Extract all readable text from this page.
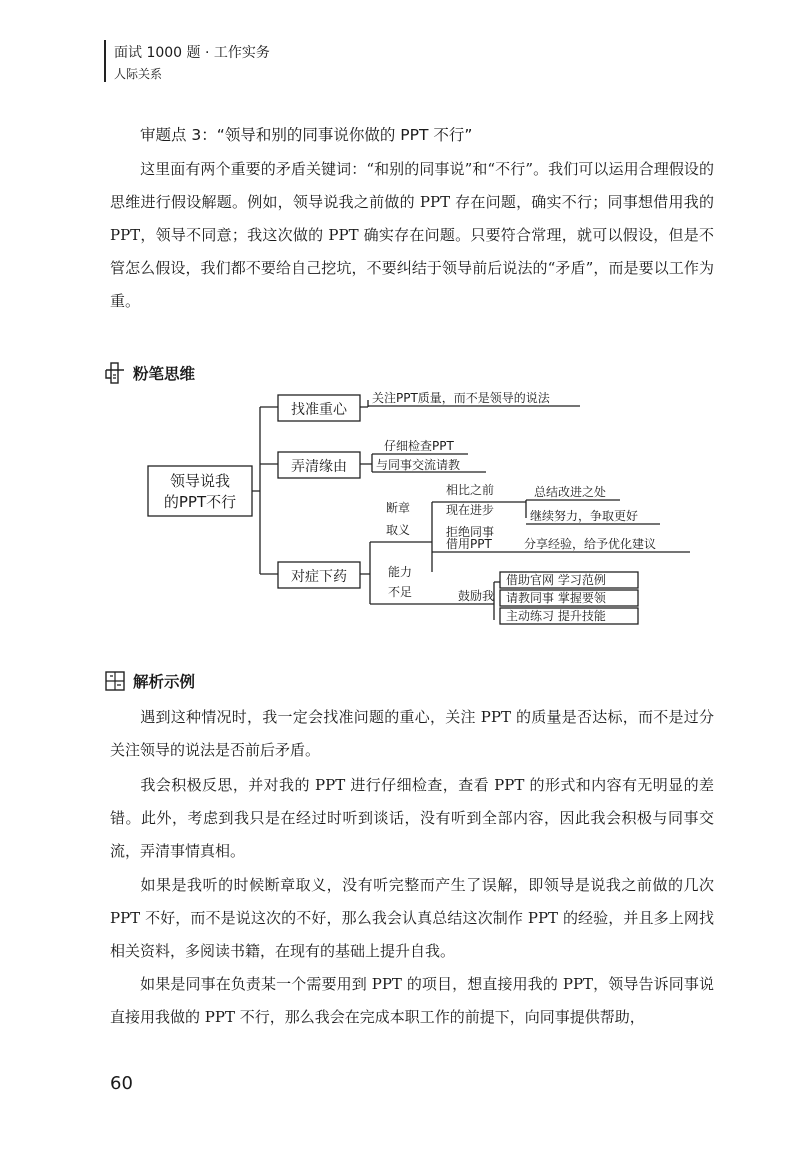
面试 1000 题 · 工作实务
人际关系
审题点 3：“领导和别的同事说你做的 PPT 不行”

这里面有两个重要的矛盾关键词：“和别的同事说”和“不行”。我们可以运用合理假设的思维进行假设解题。例如，领导说我之前做的 PPT 存在问题，确实不行；同事想借用我的 PPT，领导不同意；我这次做的 PPT 确实存在问题。只要符合常理，就可以假设，但是不管怎么假设，我们都不要给自己挖坑，不要纠结于领导前后说法的“矛盾”，而是要以工作为重。

粉笔思维
领导说我
的PPT不行
找准重心
关注PPT质量，而不是领导的说法
弄清缘由
仔细检查PPT
与同事交流请教
对症下药
断章
取义
相比之前
现在进步
总结改进之处
继续努力，争取更好
拒绝同事
借用PPT	分享经验，给予优化建议
能力
不足	鼓励我
借助官网 学习范例
请教同事 掌握要领
主动练习 提升技能
解析示例

遇到这种情况时，我一定会找准问题的重心，关注 PPT 的质量是否达标，而不是过分关注领导的说法是否前后矛盾。

我会积极反思，并对我的 PPT 进行仔细检查，查看 PPT 的形式和内容有无明显的差错。此外，考虑到我只是在经过时听到谈话，没有听到全部内容，因此我会积极与同事交流，弄清事情真相。

如果是我听的时候断章取义，没有听完整而产生了误解，即领导是说我之前做的几次 PPT 不好，而不是说这次的不好，那么我会认真总结这次制作 PPT 的经验，并且多上网找相关资料，多阅读书籍，在现有的基础上提升自我。

如果是同事在负责某一个需要用到 PPT 的项目，想直接用我的 PPT，领导告诉同事说直接用我做的 PPT 不行，那么我会在完成本职工作的前提下，向同事提供帮助，

60
